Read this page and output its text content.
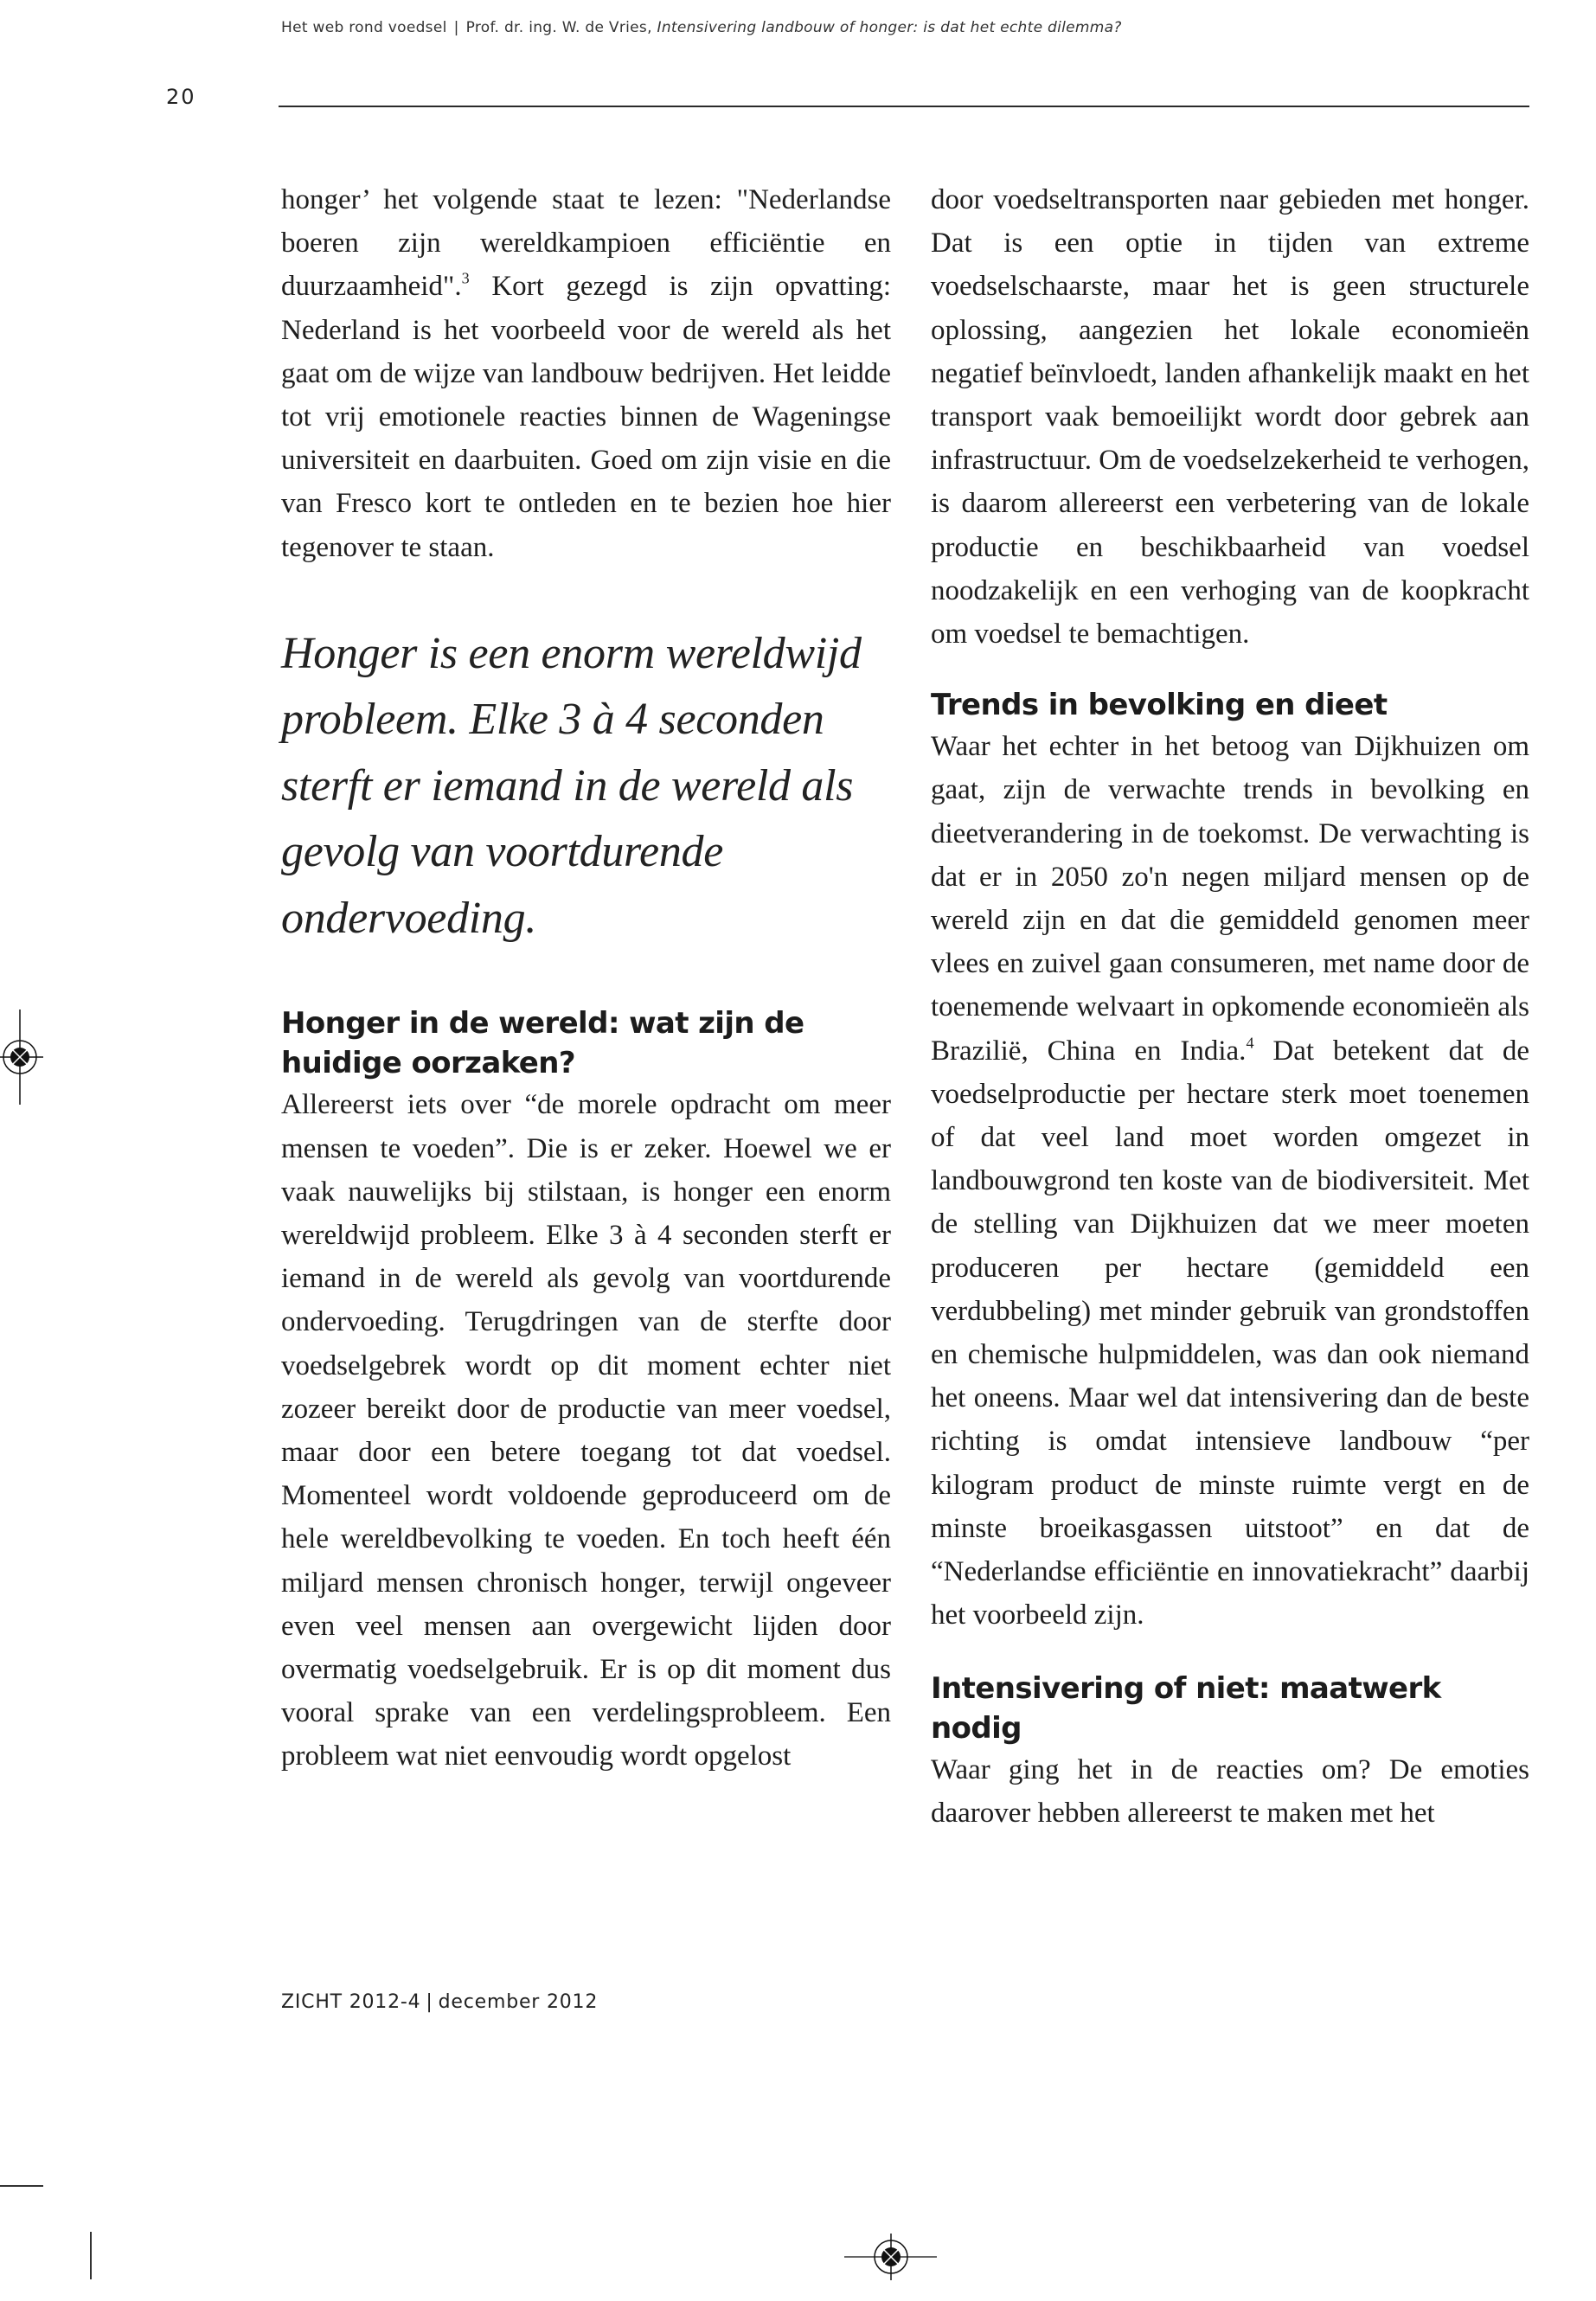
Het web rond voedsel | Prof. dr. ing. W. de Vries, Intensivering landbouw of honger: is dat het echte dilemma?
20

honger’ het volgende staat te lezen: "Nederlandse boeren zijn wereldkampioen efficiëntie en duurzaamheid".$^3$ Kort gezegd is zijn opvatting: Nederland is het voorbeeld voor de wereld als het gaat om de wijze van landbouw bedrijven. Het leidde tot vrij emotionele reacties binnen de Wageningse universiteit en daarbuiten. Goed om zijn visie en die van Fresco kort te ontleden en te bezien hoe hier tegenover te staan.

Honger is een enorm wereldwijd probleem. Elke 3 à 4 seconden sterft er iemand in de wereld als gevolg van voortdurende ondervoeding.
Honger in de wereld: wat zijn de huidige oorzaken?

Allereerst iets over “de morele opdracht om meer mensen te voeden”. Die is er zeker. Hoewel we er vaak nauwelijks bij stilstaan, is honger een enorm wereldwijd probleem. Elke 3 à 4 seconden sterft er iemand in de wereld als gevolg van voortdurende ondervoeding. Terugdringen van de sterfte door voedselgebrek wordt op dit moment echter niet zozeer bereikt door de productie van meer voedsel, maar door een betere toegang tot dat voedsel. Momenteel wordt voldoende geproduceerd om de hele wereldbevolking te voeden. En toch heeft één miljard mensen chronisch honger, terwijl ongeveer even veel mensen aan overgewicht lijden door overmatig voedselgebruik. Er is op dit moment dus vooral sprake van een verdelingsprobleem. Een probleem wat niet eenvoudig wordt opgelost

door voedseltransporten naar gebieden met honger. Dat is een optie in tijden van extreme voedselschaarste, maar het is geen structurele oplossing, aangezien het lokale economieën negatief beïnvloedt, landen afhankelijk maakt en het transport vaak bemoeilijkt wordt door gebrek aan infrastructuur. Om de voedselzekerheid te verhogen, is daarom allereerst een verbetering van de lokale productie en beschikbaarheid van voedsel noodzakelijk en een verhoging van de koopkracht om voedsel te bemachtigen.

Trends in bevolking en dieet

Waar het echter in het betoog van Dijkhuizen om gaat, zijn de verwachte trends in bevolking en dieetverandering in de toekomst. De verwachting is dat er in 2050 zo'n negen miljard mensen op de wereld zijn en dat die gemiddeld genomen meer vlees en zuivel gaan consumeren, met name door de toenemende welvaart in opkomende economieën als Brazilië, China en India.$^4$ Dat betekent dat de voedselproductie per hectare sterk moet toenemen of dat veel land moet worden omgezet in landbouwgrond ten koste van de biodiversiteit. Met de stelling van Dijkhuizen dat we meer moeten produceren per hectare (gemiddeld een verdubbeling) met minder gebruik van grondstoffen en chemische hulpmiddelen, was dan ook niemand het oneens. Maar wel dat intensivering dan de beste richting is omdat intensieve landbouw “per kilogram product de minste ruimte vergt en de minste broeikasgassen uitstoot” en dat de “Nederlandse efficiëntie en innovatiekracht” daarbij het voorbeeld zijn.

Intensivering of niet: maatwerk nodig

Waar ging het in de reacties om? De emoties daarover hebben allereerst te maken met het

ZICHT 2012-4 | december 2012
